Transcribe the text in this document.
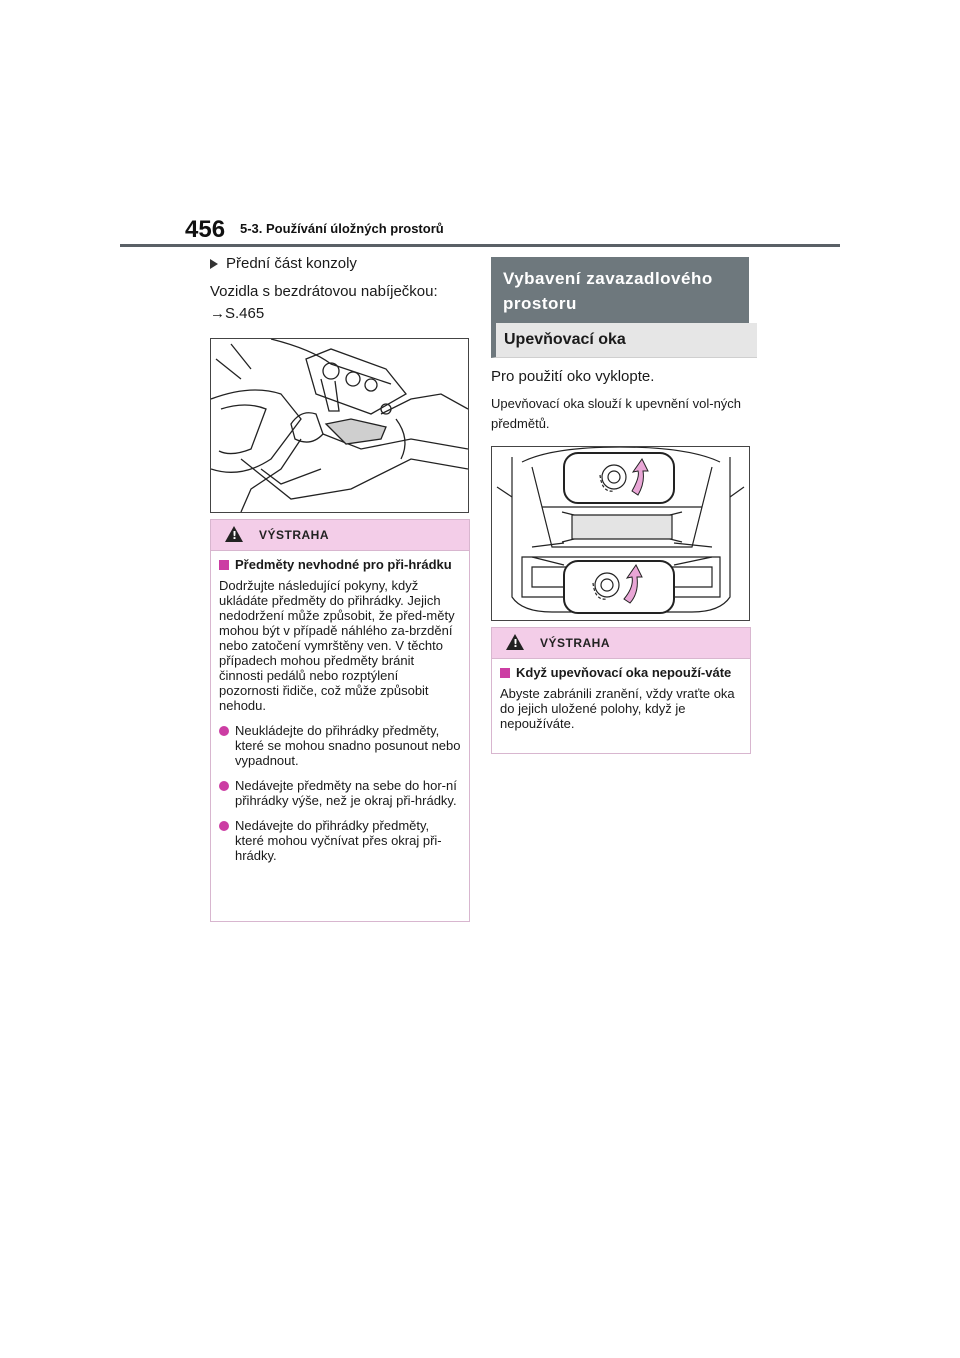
456 5-3. Používání úložných prostorů
Přední část konzoly
Vozidla s bezdrátovou nabíječkou:
→S.465
!
VÝSTRAHA
Předměty nevhodné pro při-hrádku
Dodržujte následující pokyny, když ukládáte předměty do přihrádky. Jejich nedodržení může způsobit, že před-měty mohou být v případě náhlého za-brzdění nebo zatočení vymrštěny ven. V těchto případech mohou předměty bránit činnosti pedálů nebo rozptýlení pozornosti řidiče, což může způsobit nehodu.
Neukládejte do přihrádky předměty, které se mohou snadno posunout nebo vypadnout.
Nedávejte předměty na sebe do hor-ní přihrádky výše, než je okraj při-hrádky.
Nedávejte do přihrádky předměty, které mohou vyčnívat přes okraj při-hrádky.
Vybavení zavazadlového prostoru
Upevňovací oka
Pro použití oko vyklopte.
Upevňovací oka slouží k upevnění vol-ných předmětů.
!
VÝSTRAHA
Když upevňovací oka nepouží-váte
Abyste zabránili zranění, vždy vraťte oka do jejich uložené polohy, když je nepoužíváte.
